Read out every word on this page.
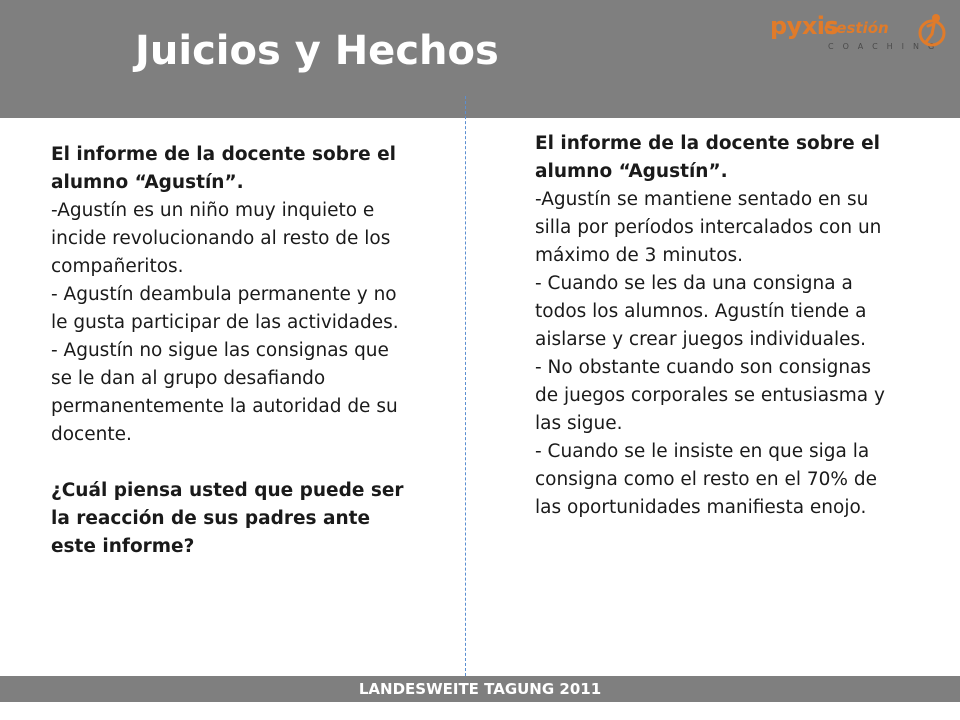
Juicios y Hechos
pyxis
Gestión
COACHING

El informe de la docente sobre el alumno “Agustín”.

-Agustín es un niño muy inquieto e incide revolucionando al resto de los compañeritos.

- Agustín deambula permanente y no le gusta participar de las actividades.

- Agustín no sigue las consignas que se le dan al grupo desafiando permanentemente la autoridad de su docente.

¿Cuál piensa usted que puede ser la reacción de sus padres ante este informe?

El informe de la docente sobre el alumno “Agustín”.

-Agustín se mantiene sentado en su silla por períodos intercalados con un máximo de 3 minutos.

- Cuando se les da una consigna a todos los alumnos. Agustín tiende a aislarse y crear juegos individuales.

- No obstante cuando son consignas de juegos corporales se entusiasma y las sigue.

- Cuando se le insiste en que siga la consigna como el resto en el 70% de las oportunidades manifiesta enojo.

LANDESWEITE TAGUNG 2011
